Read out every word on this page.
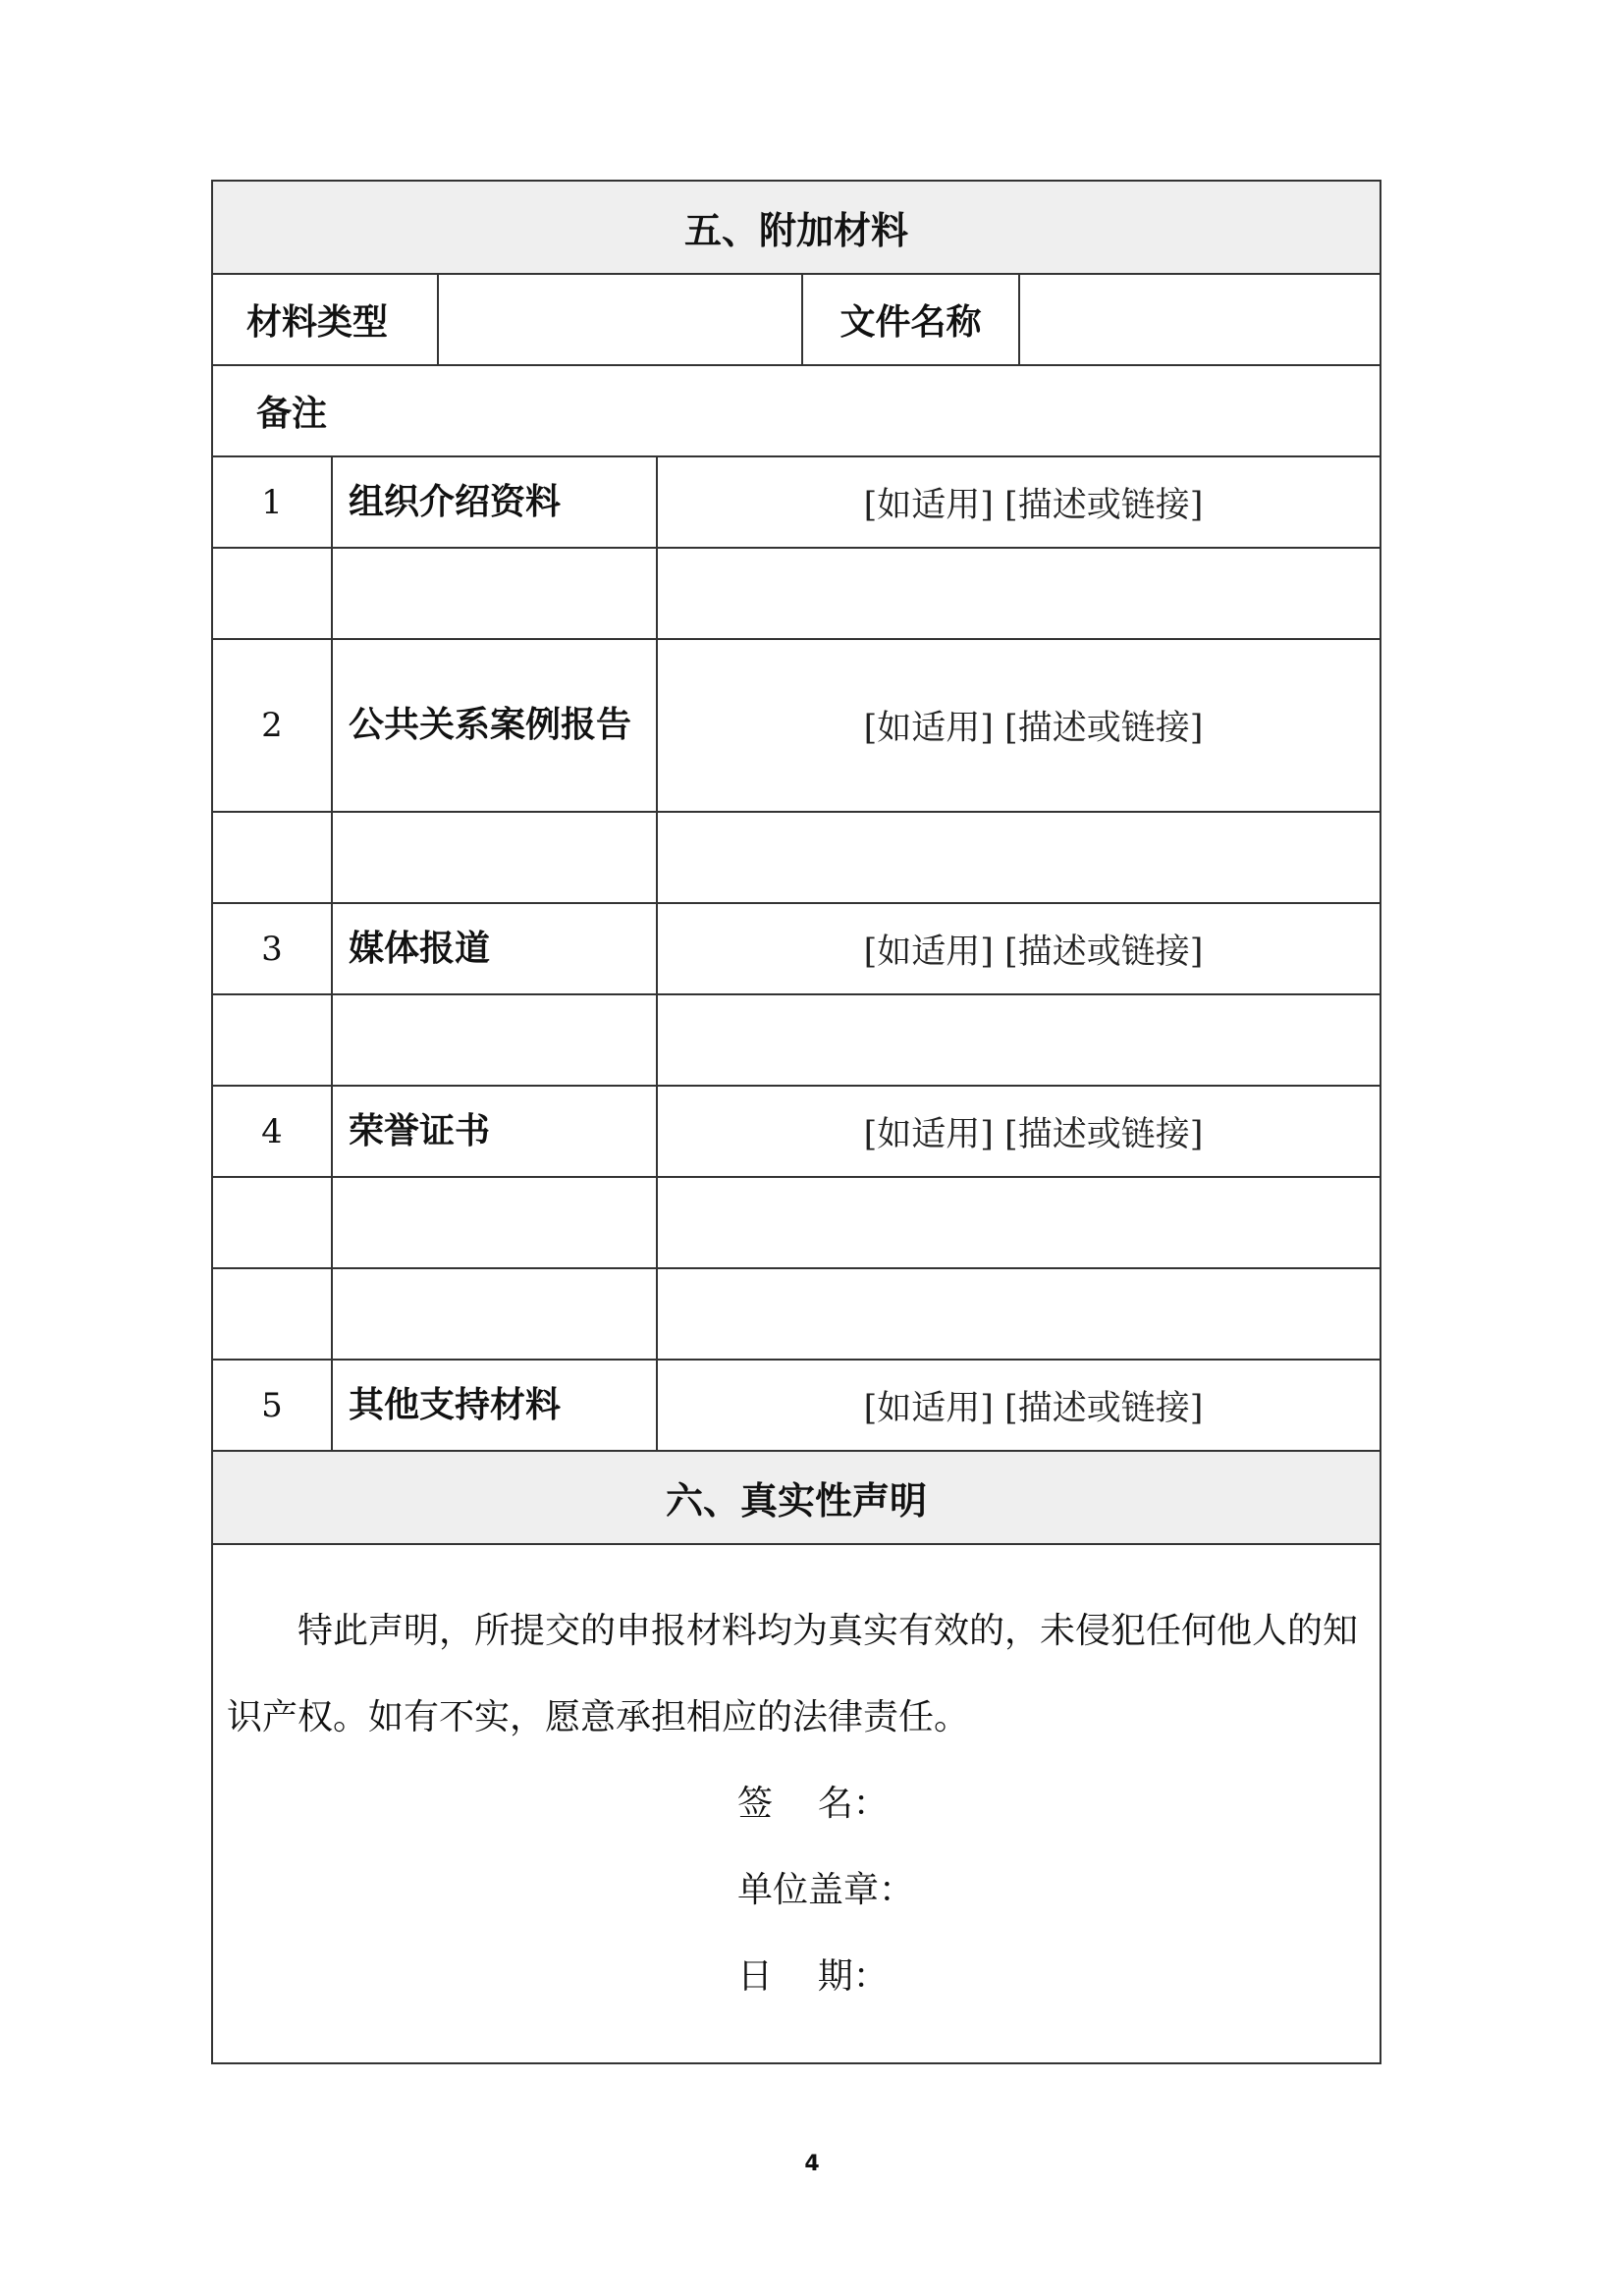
五、附加材料
材料类型	文件名称
备注
1	组织介绍资料	[如适用] [描述或链接]
2	公共关系案例报告	[如适用] [描述或链接]
3	媒体报道	[如适用] [描述或链接]
4	荣誉证书	[如适用] [描述或链接]
5	其他支持材料	[如适用] [描述或链接]
六、真实性声明

特此声明，所提交的申报材料均为真实有效的，未侵犯任何他人的知识产权。如有不实，愿意承担相应的法律责任。

签    名：
单位盖章：
日    期：
4
